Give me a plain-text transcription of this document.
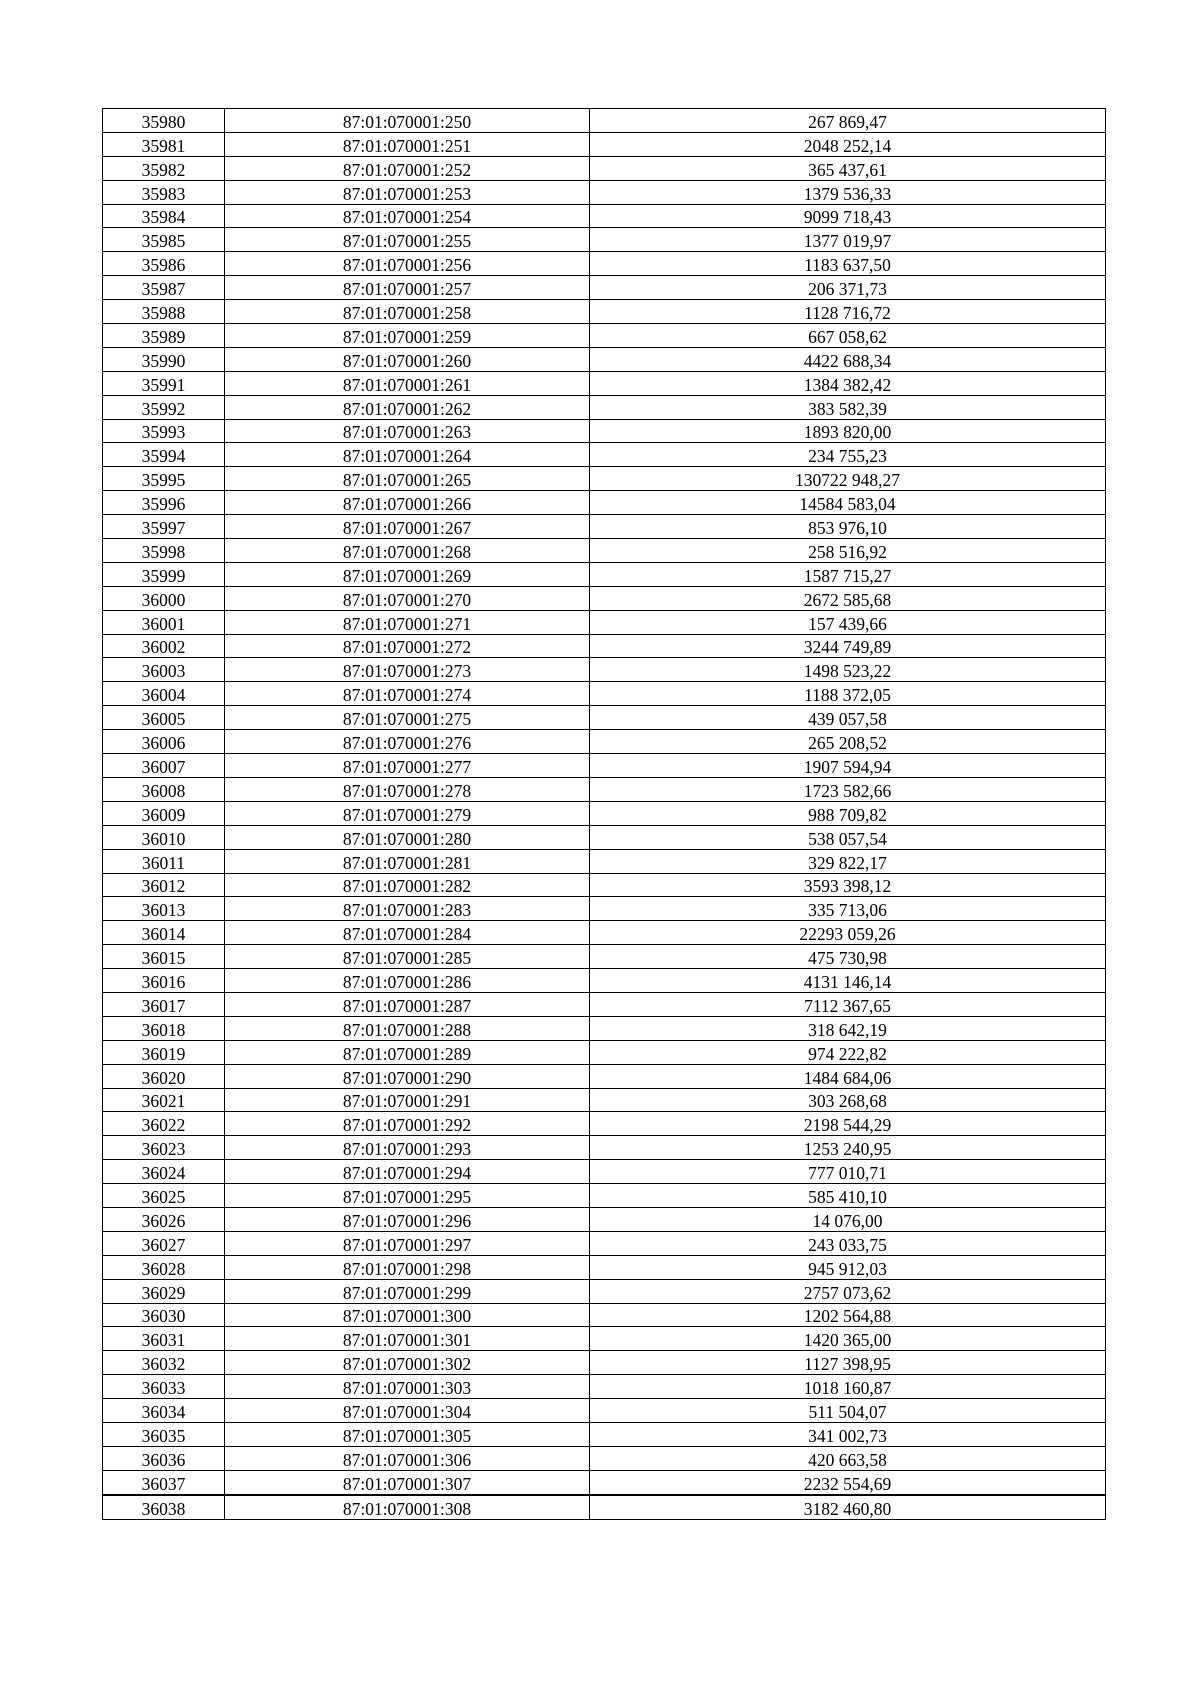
35980	87:01:070001:250	267 869,47
35981	87:01:070001:251	2048 252,14
35982	87:01:070001:252	365 437,61
35983	87:01:070001:253	1379 536,33
35984	87:01:070001:254	9099 718,43
35985	87:01:070001:255	1377 019,97
35986	87:01:070001:256	1183 637,50
35987	87:01:070001:257	206 371,73
35988	87:01:070001:258	1128 716,72
35989	87:01:070001:259	667 058,62
35990	87:01:070001:260	4422 688,34
35991	87:01:070001:261	1384 382,42
35992	87:01:070001:262	383 582,39
35993	87:01:070001:263	1893 820,00
35994	87:01:070001:264	234 755,23
35995	87:01:070001:265	130722 948,27
35996	87:01:070001:266	14584 583,04
35997	87:01:070001:267	853 976,10
35998	87:01:070001:268	258 516,92
35999	87:01:070001:269	1587 715,27
36000	87:01:070001:270	2672 585,68
36001	87:01:070001:271	157 439,66
36002	87:01:070001:272	3244 749,89
36003	87:01:070001:273	1498 523,22
36004	87:01:070001:274	1188 372,05
36005	87:01:070001:275	439 057,58
36006	87:01:070001:276	265 208,52
36007	87:01:070001:277	1907 594,94
36008	87:01:070001:278	1723 582,66
36009	87:01:070001:279	988 709,82
36010	87:01:070001:280	538 057,54
36011	87:01:070001:281	329 822,17
36012	87:01:070001:282	3593 398,12
36013	87:01:070001:283	335 713,06
36014	87:01:070001:284	22293 059,26
36015	87:01:070001:285	475 730,98
36016	87:01:070001:286	4131 146,14
36017	87:01:070001:287	7112 367,65
36018	87:01:070001:288	318 642,19
36019	87:01:070001:289	974 222,82
36020	87:01:070001:290	1484 684,06
36021	87:01:070001:291	303 268,68
36022	87:01:070001:292	2198 544,29
36023	87:01:070001:293	1253 240,95
36024	87:01:070001:294	777 010,71
36025	87:01:070001:295	585 410,10
36026	87:01:070001:296	14 076,00
36027	87:01:070001:297	243 033,75
36028	87:01:070001:298	945 912,03
36029	87:01:070001:299	2757 073,62
36030	87:01:070001:300	1202 564,88
36031	87:01:070001:301	1420 365,00
36032	87:01:070001:302	1127 398,95
36033	87:01:070001:303	1018 160,87
36034	87:01:070001:304	511 504,07
36035	87:01:070001:305	341 002,73
36036	87:01:070001:306	420 663,58
36037	87:01:070001:307	2232 554,69
36038	87:01:070001:308	3182 460,80
